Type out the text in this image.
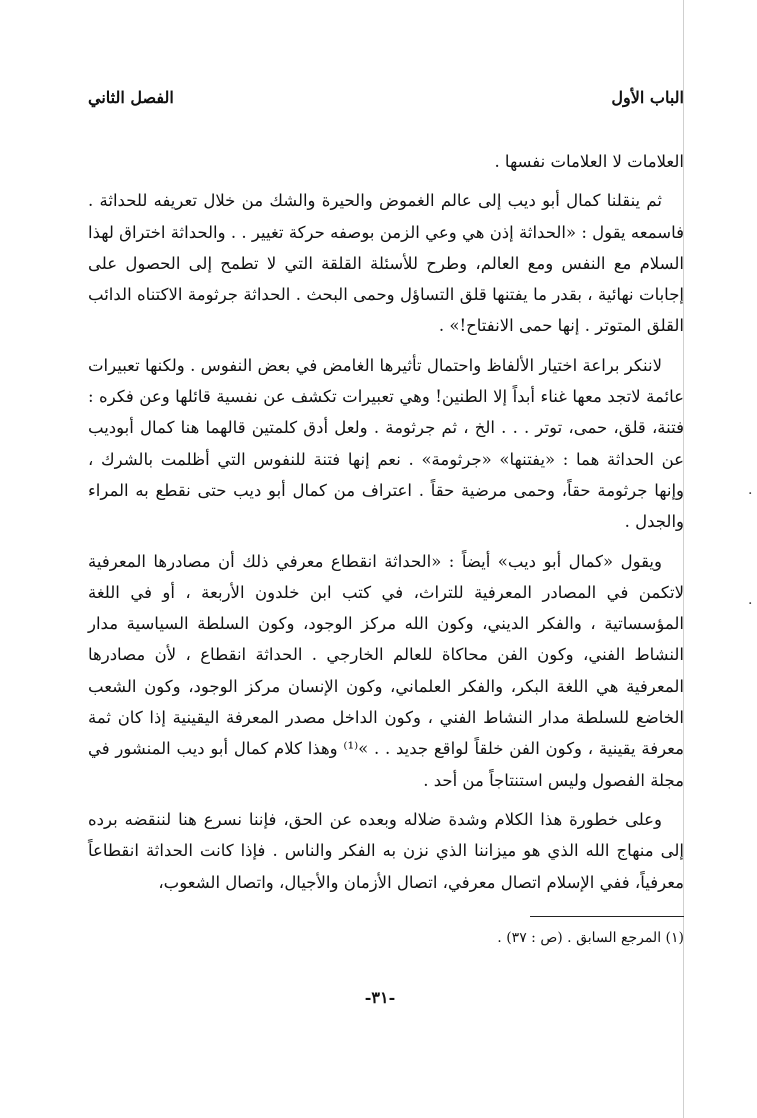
.
.
الباب الأول
الفصل الثاني

العلامات لا العلامات نفسها .

ثم ينقلنا كمال أبو ديب إلى عالم الغموض والحيرة والشك من خلال تعريفه للحداثة . فاسمعه يقول : «الحداثة إذن هي وعي الزمن بوصفه حركة تغيير . . والحداثة اختراق لهذا السلام مع النفس ومع العالم، وطرح للأسئلة القلقة التي لا تطمح إلى الحصول على إجابات نهائية ، بقدر ما يفتنها قلق التساؤل وحمى البحث . الحداثة جرثومة الاكتناه الدائب القلق المتوتر . إنها حمى الانفتاح!» .

لاننكر براعة اختيار الألفاظ واحتمال تأثيرها الغامض في بعض النفوس . ولكنها تعبيرات عائمة لاتجد معها غناء أبداً إلا الطنين! وهي تعبيرات تكشف عن نفسية قائلها وعن فكره : فتنة، قلق، حمى، توتر . . . الخ ، ثم جرثومة . ولعل أدق كلمتين قالهما هنا كمال أبوديب عن الحداثة هما : «يفتنها» «جرثومة» . نعم إنها فتنة للنفوس التي أظلمت بالشرك ، وإنها جرثومة حقاً، وحمى مرضية حقاً . اعتراف من كمال أبو ديب حتى نقطع به المراء والجدل .

ويقول «كمال أبو ديب» أيضاً : «الحداثة انقطاع معرفي ذلك أن مصادرها المعرفية لاتكمن في المصادر المعرفية للتراث، في كتب ابن خلدون الأربعة ، أو في اللغة المؤسساتية ، والفكر الديني، وكون الله مركز الوجود، وكون السلطة السياسية مدار النشاط الفني، وكون الفن محاكاة للعالم الخارجي . الحداثة انقطاع ، لأن مصادرها المعرفية هي اللغة البكر، والفكر العلماني، وكون الإنسان مركز الوجود، وكون الشعب الخاضع للسلطة مدار النشاط الفني ، وكون الداخل مصدر المعرفة اليقينية إذا كان ثمة معرفة يقينية ، وكون الفن خلقاً لواقع جديد . . »⁽¹⁾ وهذا كلام كمال أبو ديب المنشور في مجلة الفصول وليس استنتاجاً من أحد .

وعلى خطورة هذا الكلام وشدة ضلاله وبعده عن الحق، فإننا نسرع هنا لننقضه برده إلى منهاج الله الذي هو ميزاننا الذي نزن به الفكر والناس . فإذا كانت الحداثة انقطاعاً معرفياً، ففي الإسلام اتصال معرفي، اتصال الأزمان والأجيال، واتصال الشعوب،

(١) المرجع السابق . (ص : ٣٧) .
-٣١-
